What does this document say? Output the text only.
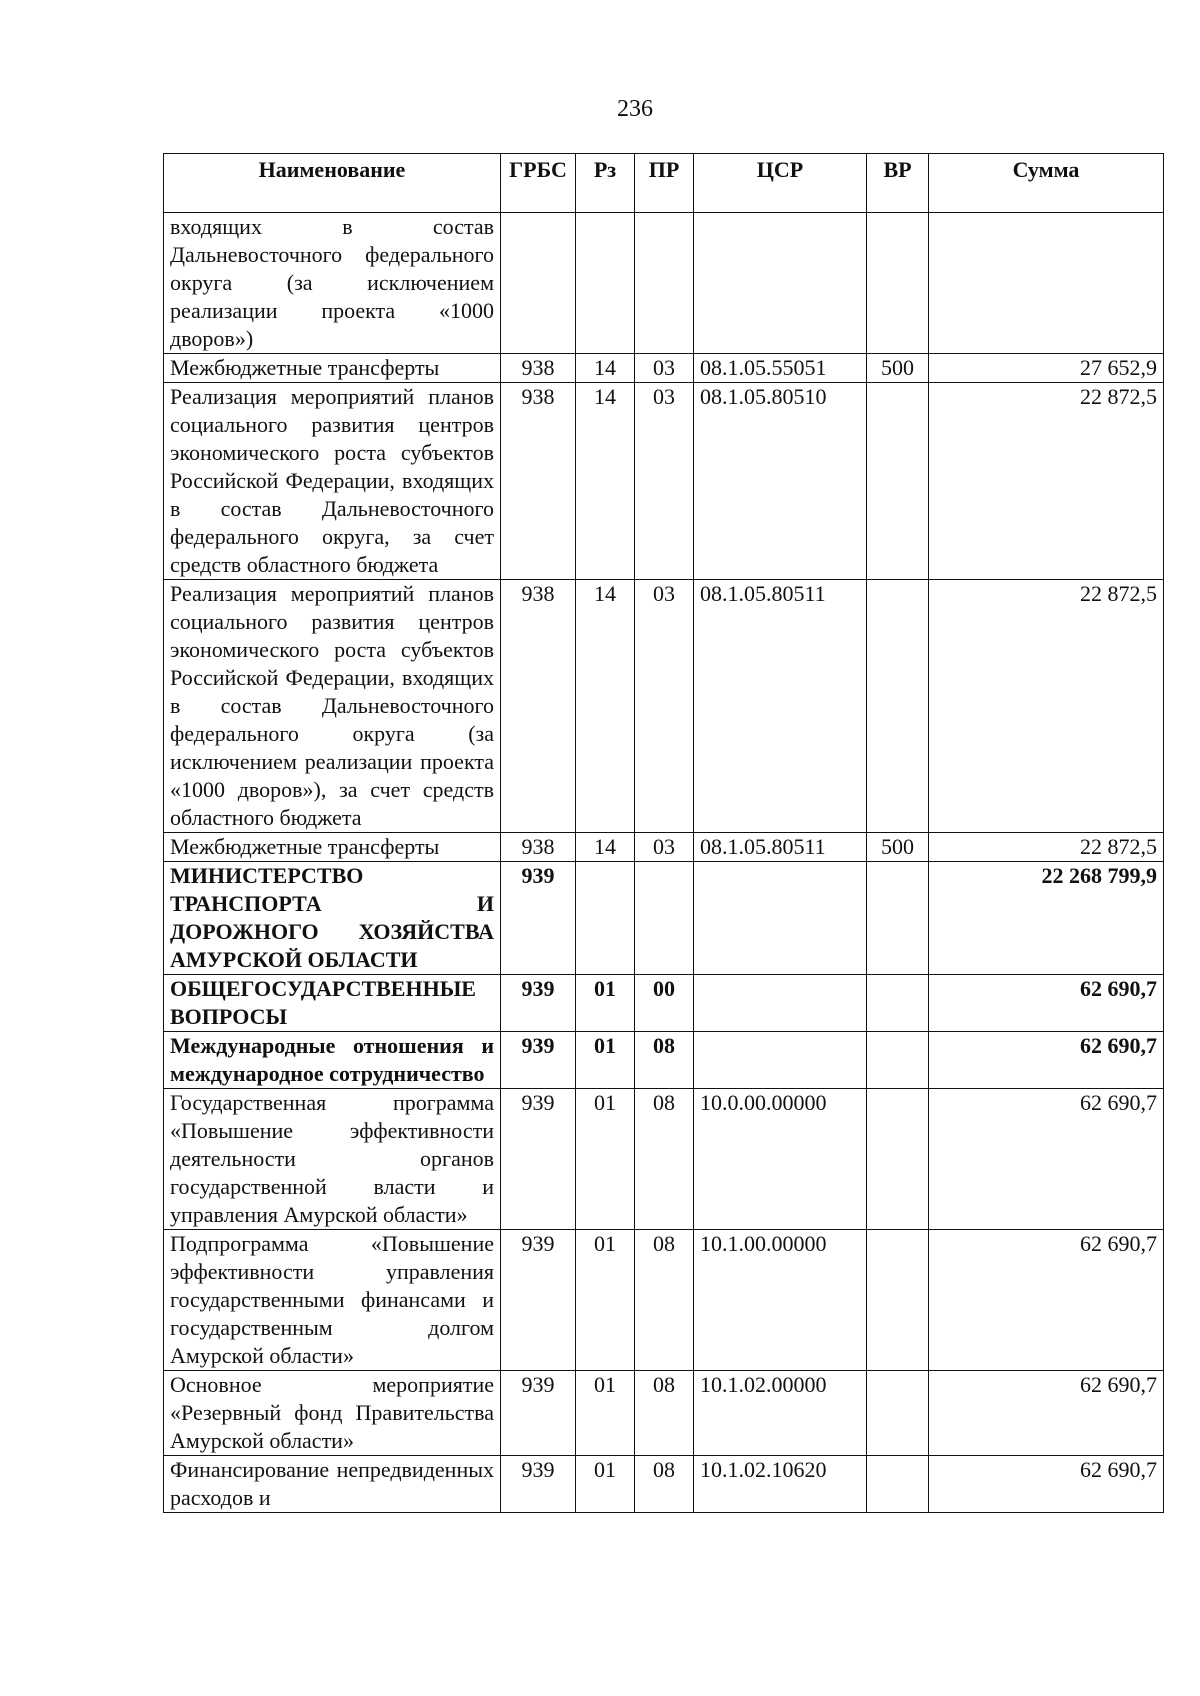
236
Наименование	ГРБС	Рз	ПР	ЦСР	ВР	Сумма
входящих в состав Дальневосточного федерального округа (за исключением реализации проекта «1000 дворов»)						
Межбюджетные трансферты	938	14	03	08.1.05.55051	500	27 652,9
Реализация мероприятий планов социального развития центров экономического роста субъектов Российской Федерации, входящих в состав Дальневосточного федерального округа, за счет средств областного бюджета	938	14	03	08.1.05.80510		22 872,5
Реализация мероприятий планов социального развития центров экономического роста субъектов Российской Федерации, входящих в состав Дальневосточного федерального округа (за исключением реализации проекта «1000 дворов»), за счет средств областного бюджета	938	14	03	08.1.05.80511		22 872,5
Межбюджетные трансферты	938	14	03	08.1.05.80511	500	22 872,5
МИНИСТЕРСТВО ТРАНСПОРТА И ДОРОЖНОГО ХОЗЯЙСТВА АМУРСКОЙ ОБЛАСТИ	939					22 268 799,9
ОБЩЕГОСУДАРСТВЕННЫЕ ВОПРОСЫ	939	01	00			62 690,7
Международные отношения и международное сотрудничество	939	01	08			62 690,7
Государственная программа «Повышение эффективности деятельности органов государственной власти и управления Амурской области»	939	01	08	10.0.00.00000		62 690,7
Подпрограмма «Повышение эффективности управления государственными финансами и государственным долгом Амурской области»	939	01	08	10.1.00.00000		62 690,7
Основное мероприятие «Резервный фонд Правительства Амурской области»	939	01	08	10.1.02.00000		62 690,7
Финансирование непредвиденных расходов и	939	01	08	10.1.02.10620		62 690,7
